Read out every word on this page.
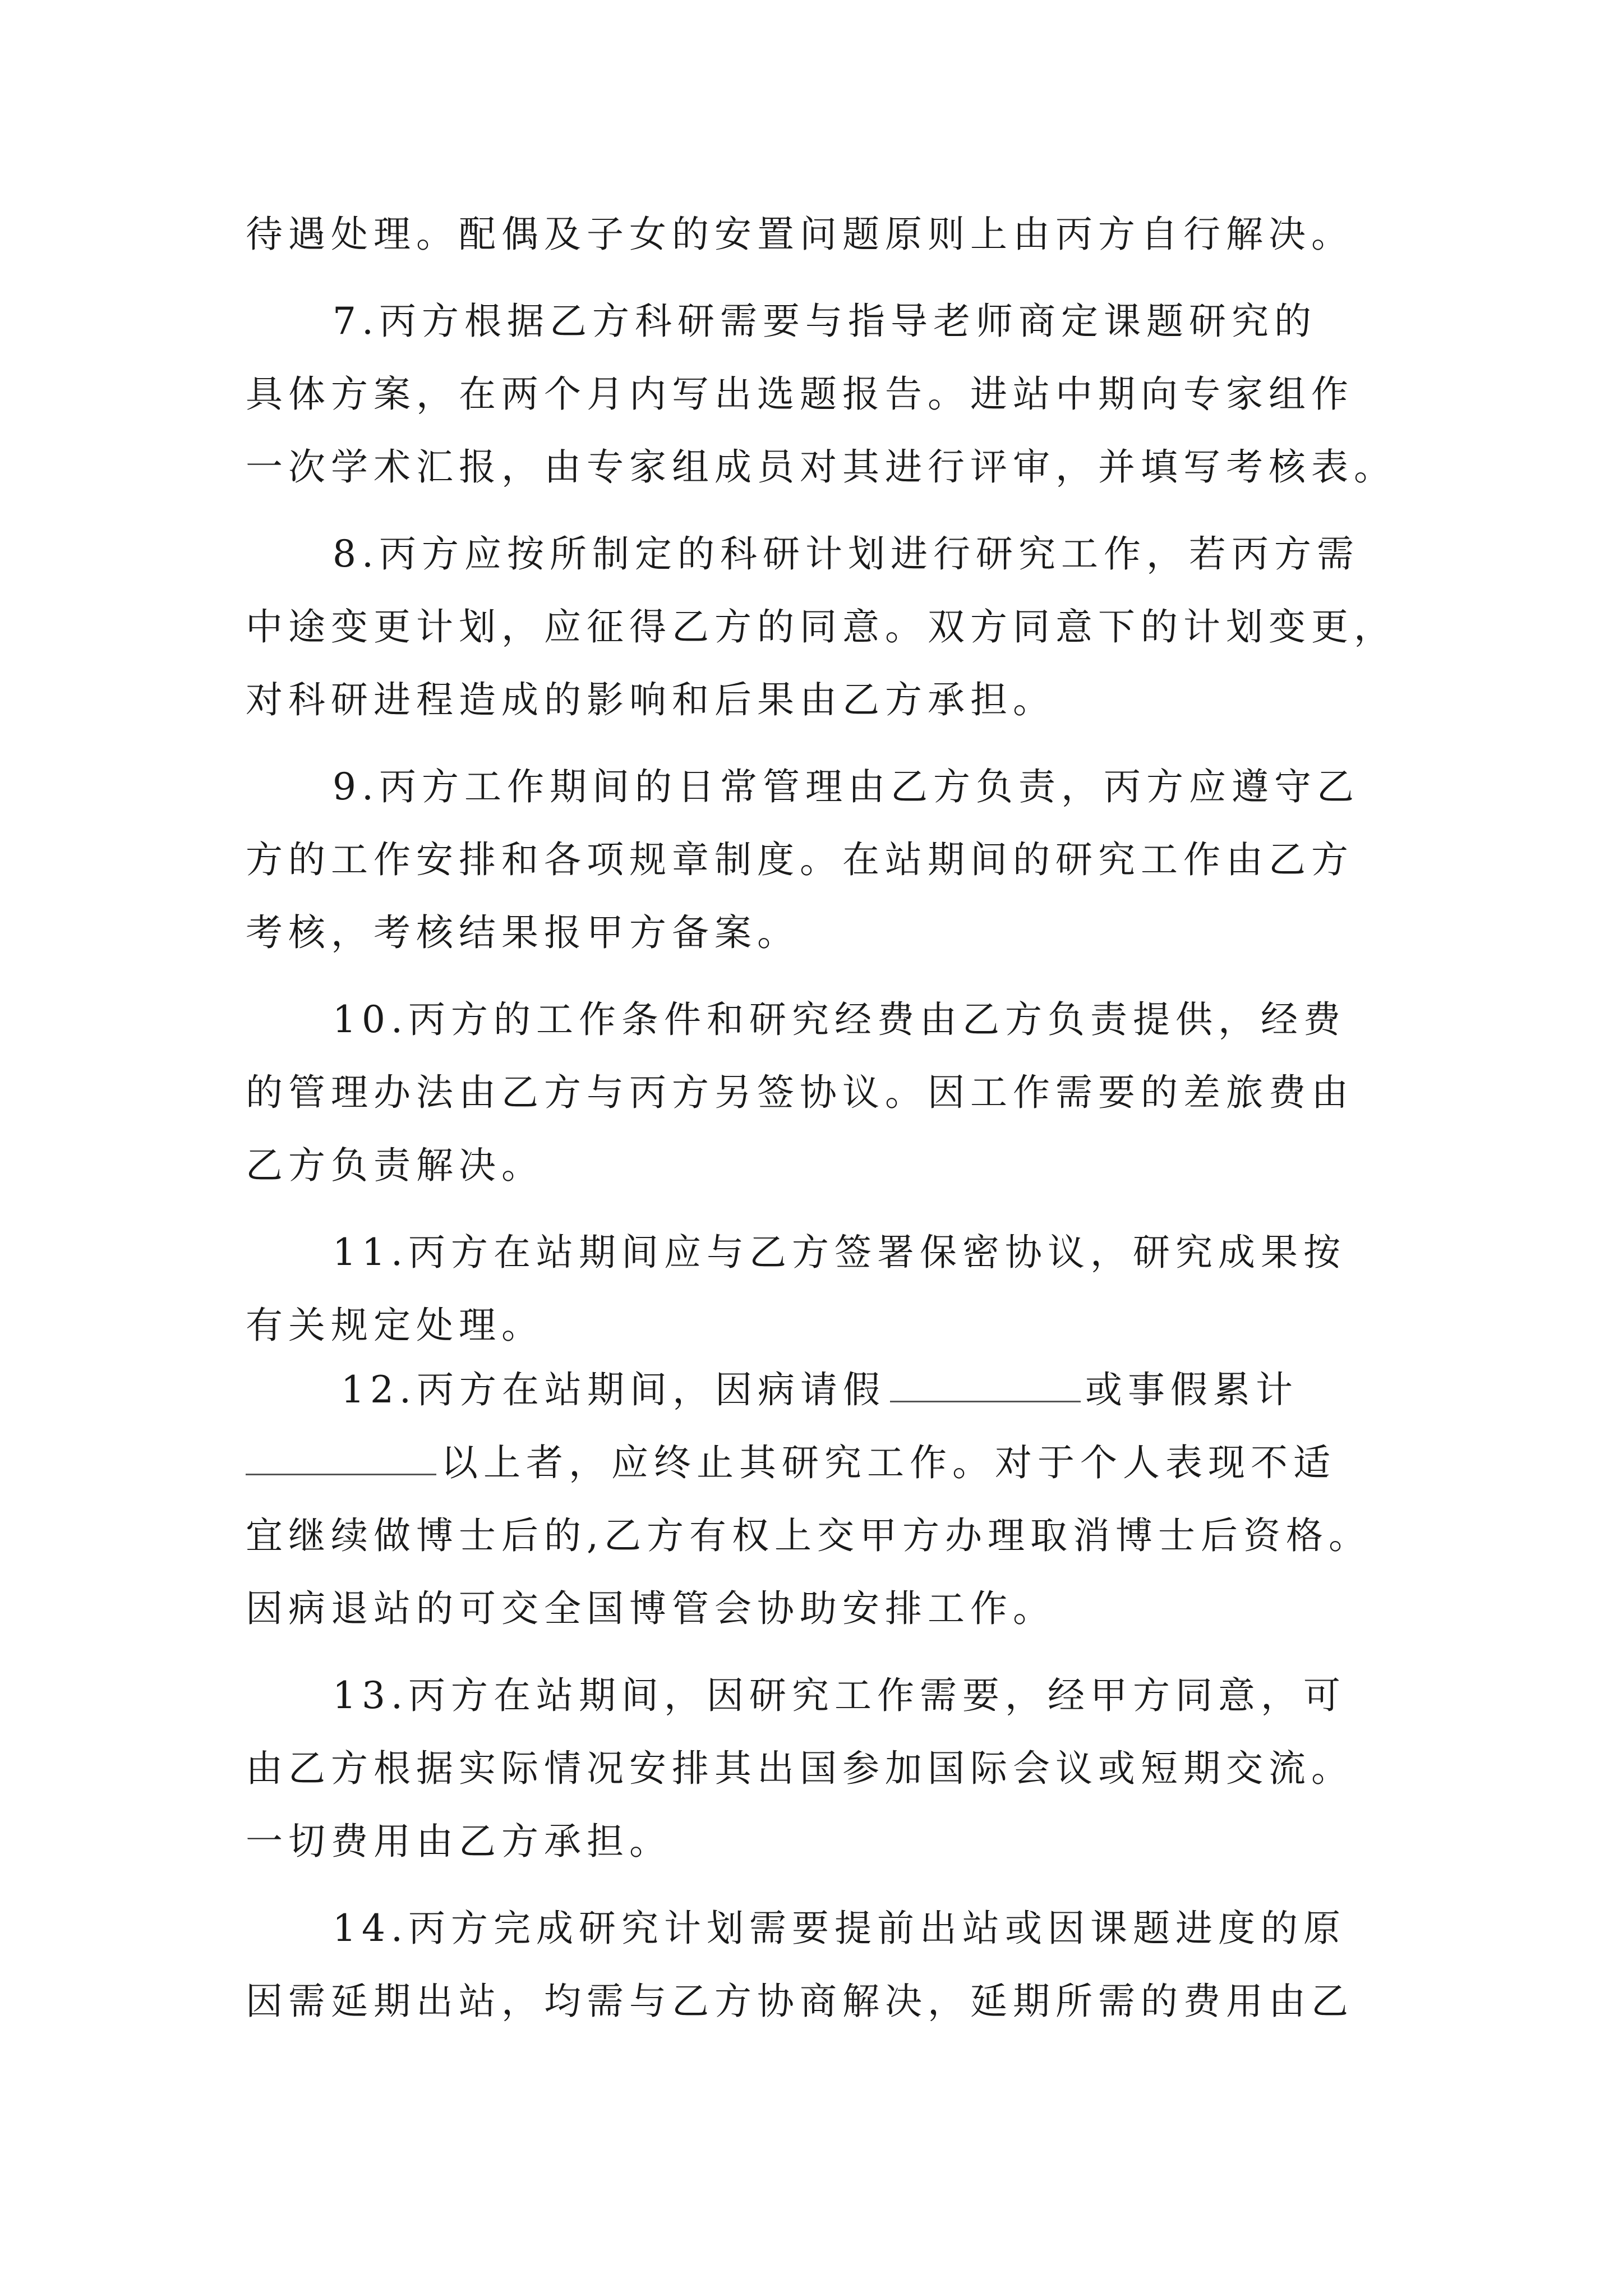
待遇处理。配偶及子女的安置问题原则上由丙方自行解决。
7.丙方根据乙方科研需要与指导老师商定课题研究的
具体方案，在两个月内写出选题报告。进站中期向专家组作
一次学术汇报，由专家组成员对其进行评审，并填写考核表。
8.丙方应按所制定的科研计划进行研究工作，若丙方需
中途变更计划，应征得乙方的同意。双方同意下的计划变更，
对科研进程造成的影响和后果由乙方承担。
9.丙方工作期间的日常管理由乙方负责，丙方应遵守乙
方的工作安排和各项规章制度。在站期间的研究工作由乙方
考核，考核结果报甲方备案。
10.丙方的工作条件和研究经费由乙方负责提供，经费
的管理办法由乙方与丙方另签协议。因工作需要的差旅费由
乙方负责解决。
11.丙方在站期间应与乙方签署保密协议，研究成果按
有关规定处理。
12.丙方在站期间，因病请假	或事假累计
以上者，应终止其研究工作。对于个人表现不适
宜继续做博士后的,乙方有权上交甲方办理取消博士后资格。
因病退站的可交全国博管会协助安排工作。
13.丙方在站期间，因研究工作需要，经甲方同意，可
由乙方根据实际情况安排其出国参加国际会议或短期交流。
一切费用由乙方承担。
14.丙方完成研究计划需要提前出站或因课题进度的原
因需延期出站，均需与乙方协商解决，延期所需的费用由乙
